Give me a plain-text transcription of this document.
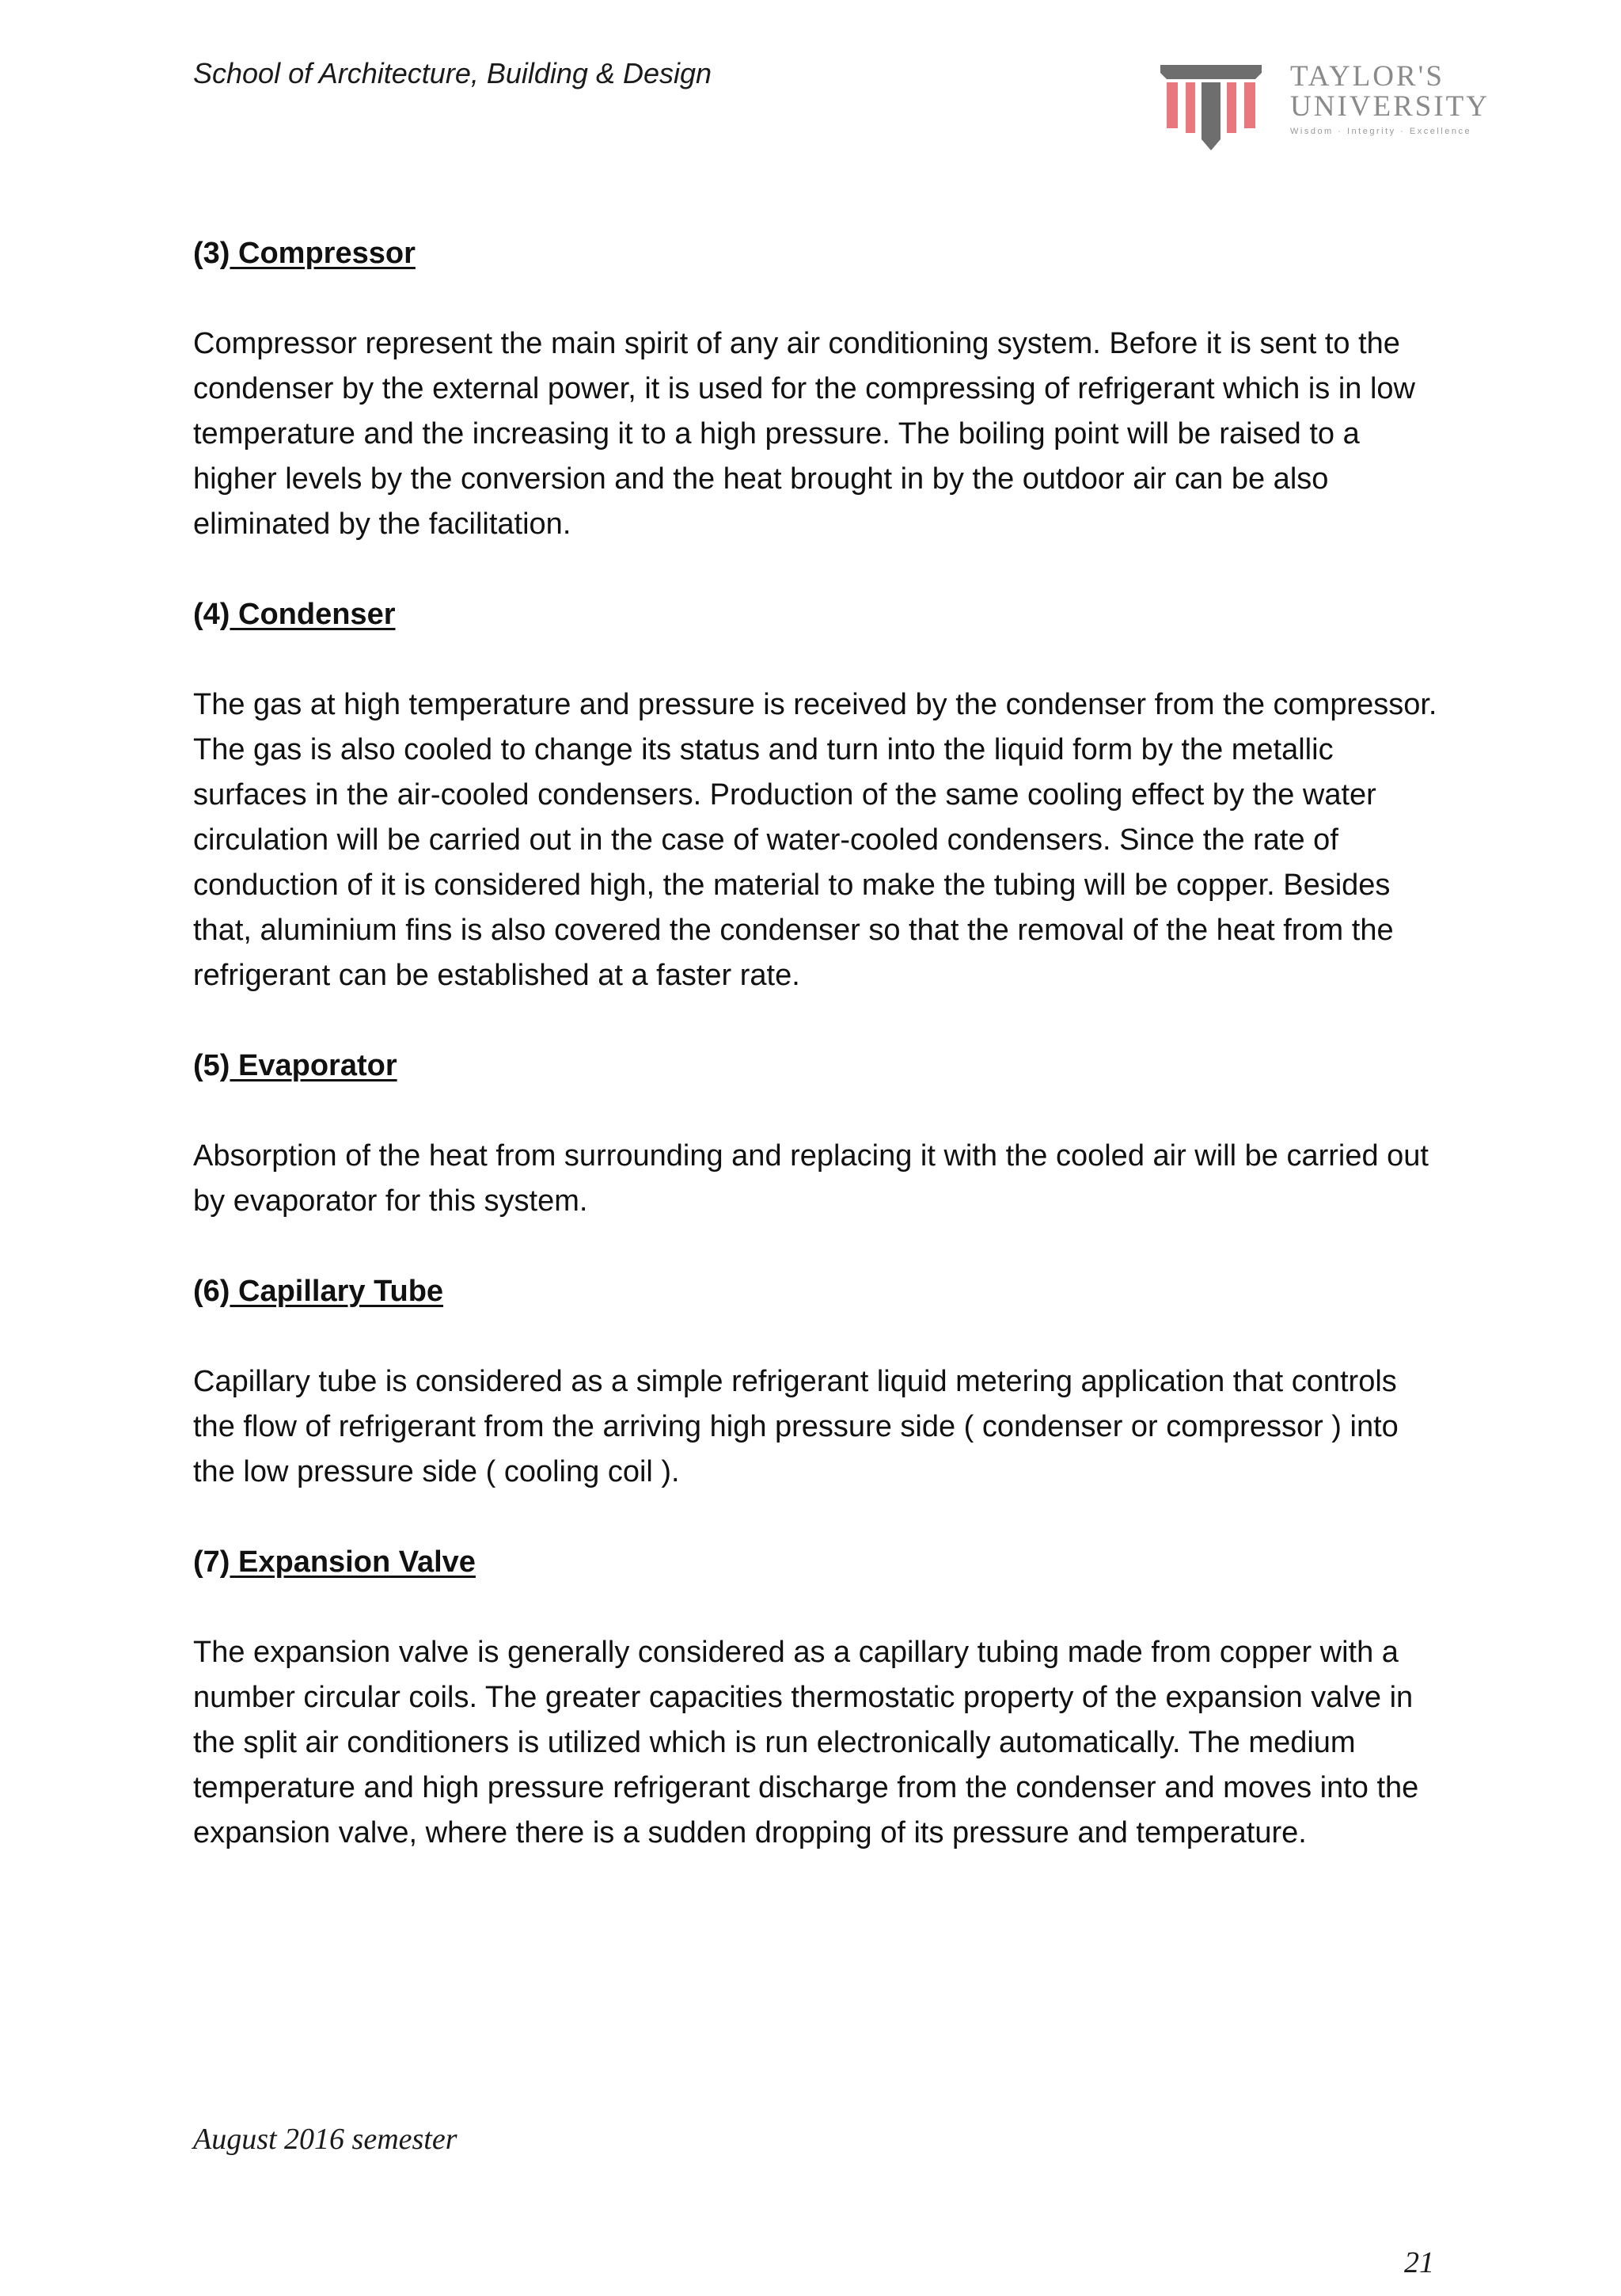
School of Architecture, Building & Design	TAYLOR'S
UNIVERSITY
Wisdom · Integrity · Excellence
(3) Compressor
Compressor represent the main spirit of any air conditioning system. Before it is sent to the condenser by the external power, it is used for the compressing of refrigerant which is in low temperature and the increasing it to a high pressure. The boiling point will be raised to a higher levels by the conversion and the heat brought in by the outdoor air can be also eliminated by the facilitation.
(4) Condenser
The gas at high temperature and pressure is received by the condenser from the compressor. The gas is also cooled to change its status and turn into the liquid form by the metallic surfaces in the air-cooled condensers. Production of the same cooling effect by the water circulation will be carried out in the case of water-cooled condensers. Since the rate of conduction of it is considered high, the material to make the tubing will be copper. Besides that, aluminium fins is also covered the condenser so that the removal of the heat from the refrigerant can be established at a faster rate.
(5) Evaporator
Absorption of the heat from surrounding and replacing it with the cooled air will be carried out by evaporator for this system.
(6) Capillary Tube
Capillary tube is considered as a simple refrigerant liquid metering application that controls the flow of refrigerant from the arriving high pressure side ( condenser or compressor ) into the low pressure side ( cooling coil ).
(7) Expansion Valve
The expansion valve is generally considered as a capillary tubing made from copper with a number circular coils. The greater capacities thermostatic property of the expansion valve in the split air conditioners is utilized which is run electronically automatically. The medium temperature and high pressure refrigerant discharge from the condenser and moves into the expansion valve, where there is a sudden dropping of its pressure and temperature.
August 2016 semester
21
